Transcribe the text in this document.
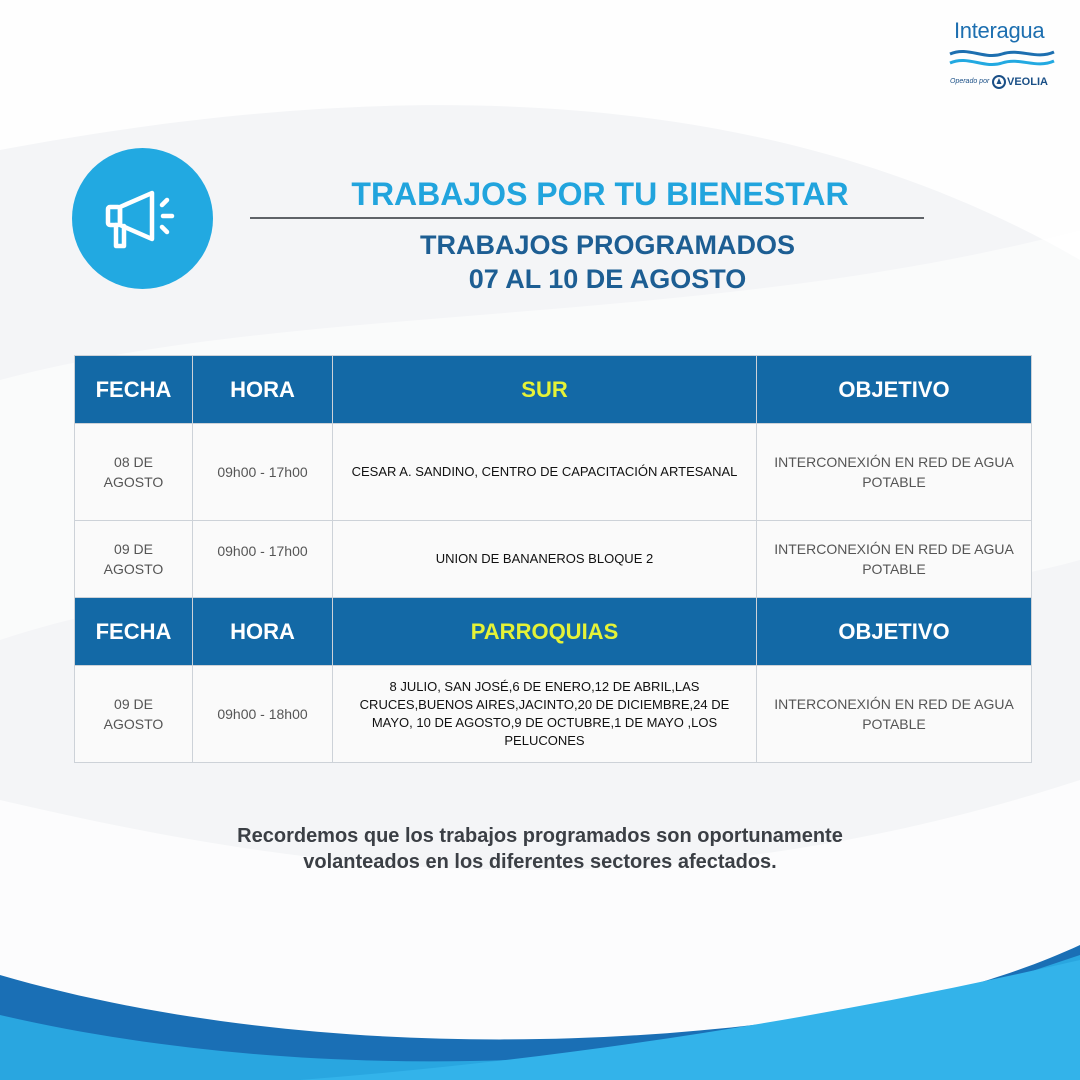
Interagua
Operado por VEOLIA
TRABAJOS POR TU BIENESTAR
TRABAJOS PROGRAMADOS
07 AL 10 DE AGOSTO
FECHA	HORA	SUR	OBJETIVO
08 DE AGOSTO	09h00 - 17h00	CESAR A. SANDINO, CENTRO DE CAPACITACIÓN ARTESANAL	INTERCONEXIÓN EN RED DE AGUA POTABLE
09 DE AGOSTO	09h00 - 17h00	UNION DE BANANEROS BLOQUE 2	INTERCONEXIÓN EN RED DE AGUA POTABLE
FECHA	HORA	PARROQUIAS	OBJETIVO
09 DE AGOSTO	09h00 - 18h00	8 JULIO, SAN JOSÉ,6 DE ENERO,12 DE ABRIL,LAS CRUCES,BUENOS AIRES,JACINTO,20 DE DICIEMBRE,24 DE MAYO, 10 DE AGOSTO,9 DE OCTUBRE,1 DE MAYO ,LOS PELUCONES	INTERCONEXIÓN EN RED DE AGUA POTABLE
Recordemos que los trabajos programados son oportunamente
volanteados en los diferentes sectores afectados.
